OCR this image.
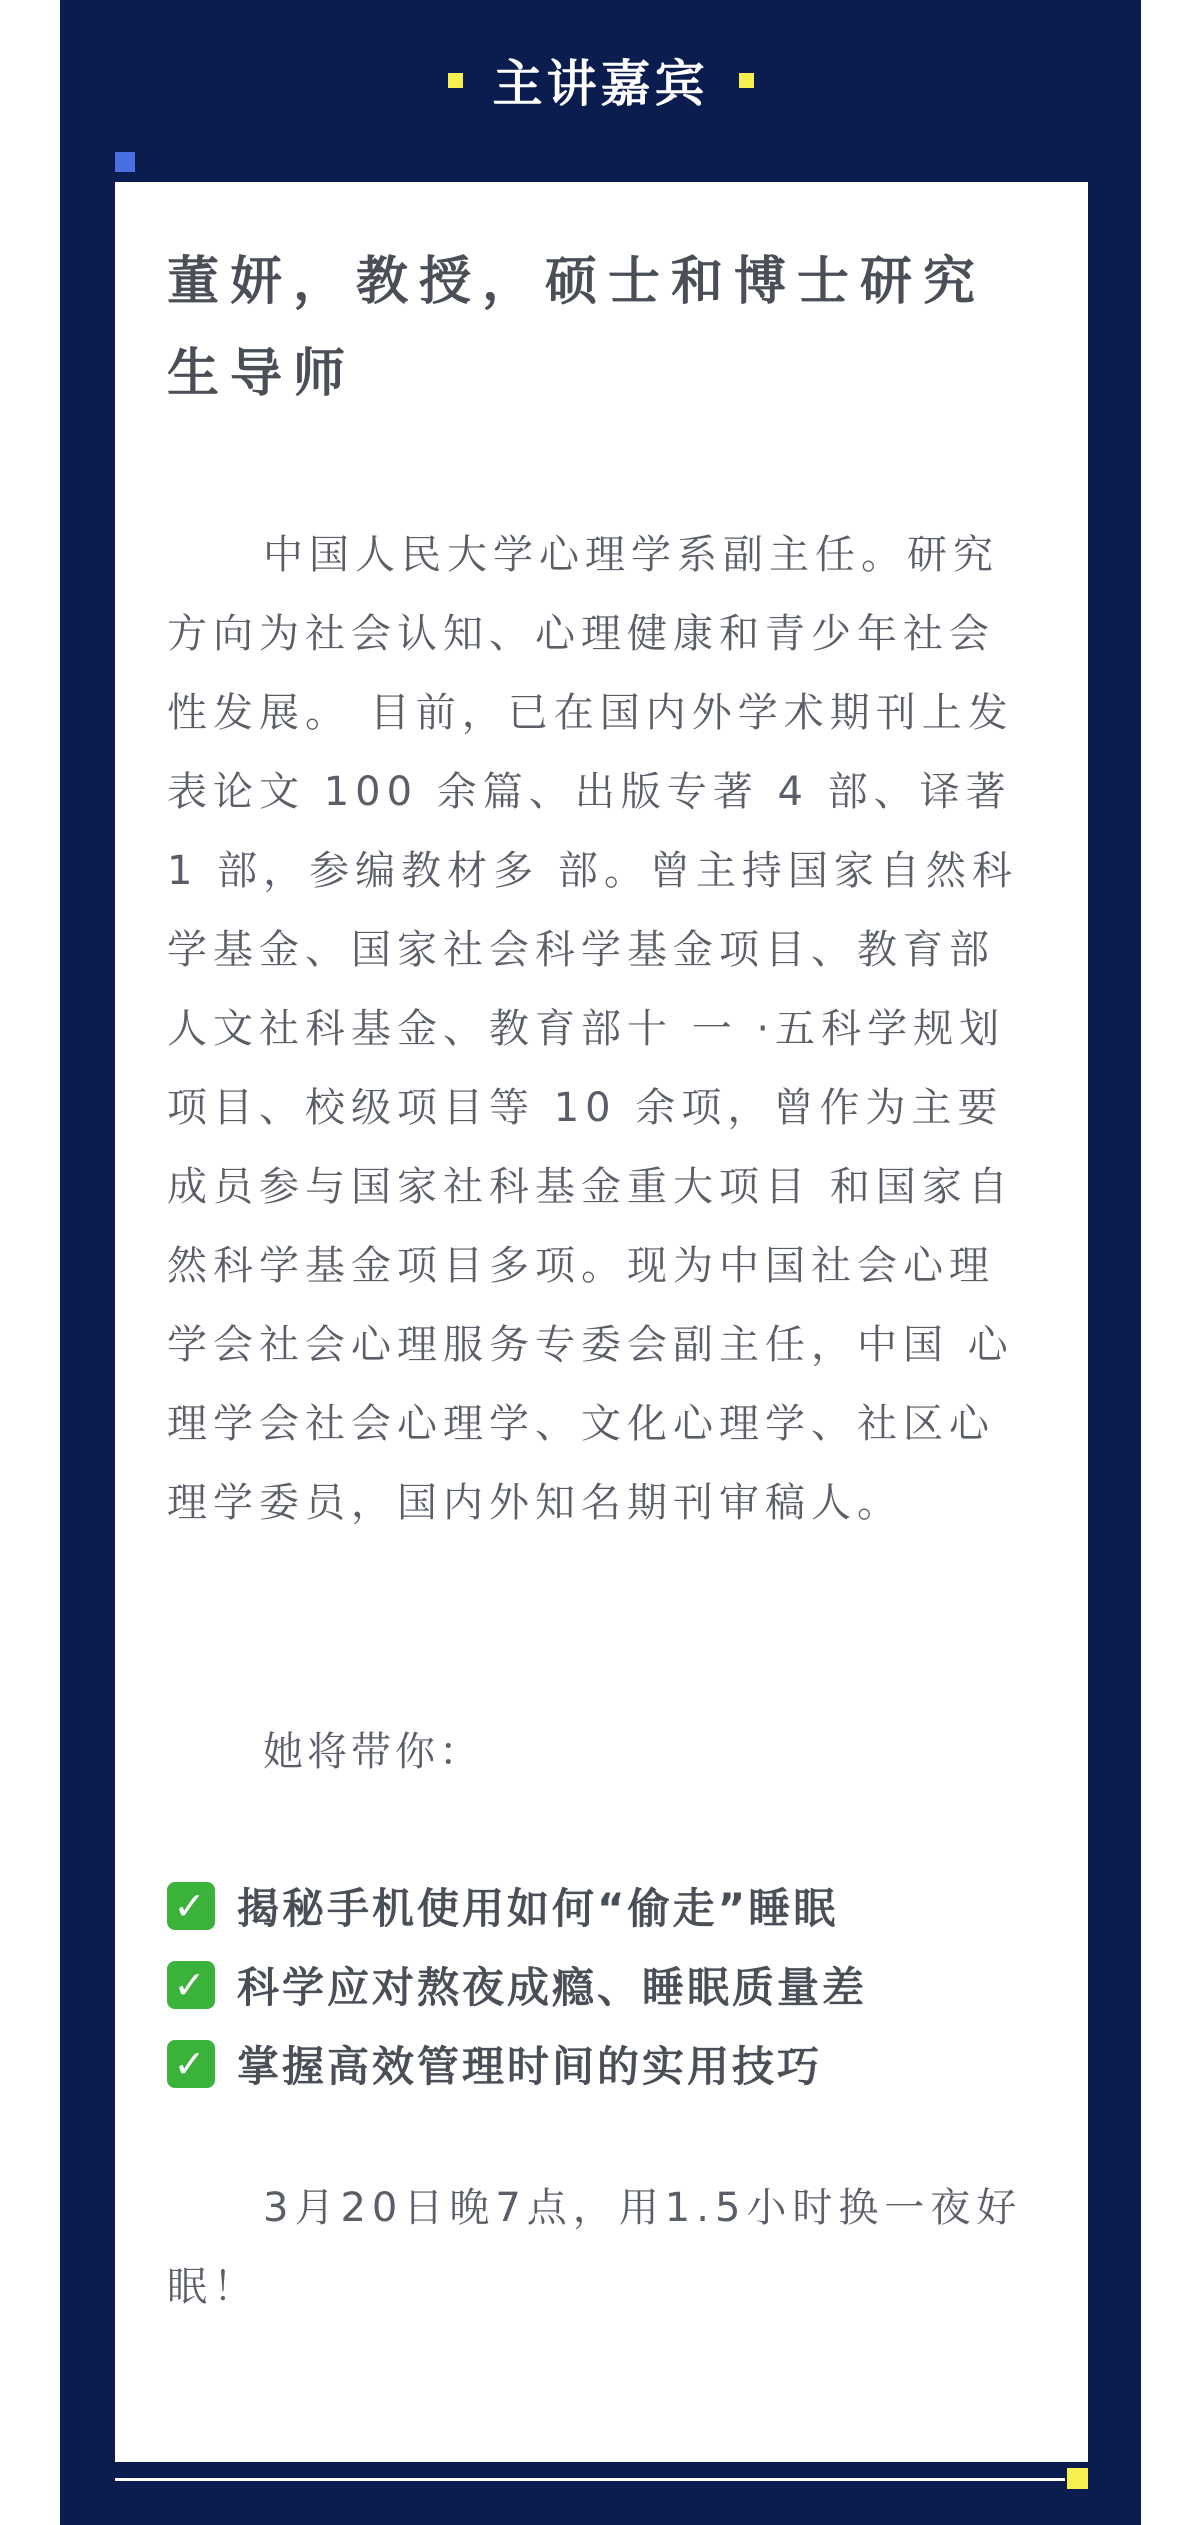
主讲嘉宾
董妍，教授，硕士和博士研究生导师

中国人民大学心理学系副主任。研究方向为社会认知、心理健康和青少年社会性发展。 目前，已在国内外学术期刊上发表论文 100 余篇、出版专著 4 部、译著 1 部，参编教材多 部。曾主持国家自然科学基金、国家社会科学基金项目、教育部人文社科基金、教育部十 一 ·五科学规划项目、校级项目等 10 余项，曾作为主要成员参与国家社科基金重大项目 和国家自然科学基金项目多项。现为中国社会心理学会社会心理服务专委会副主任，中国 心理学会社会心理学、文化心理学、社区心理学委员，国内外知名期刊审稿人。

她将带你：

✓ 揭秘手机使用如何“偷走”睡眠
✓ 科学应对熬夜成瘾、睡眠质量差
✓ 掌握高效管理时间的实用技巧

3月20日晚7点，用1.5小时换一夜好眠！
